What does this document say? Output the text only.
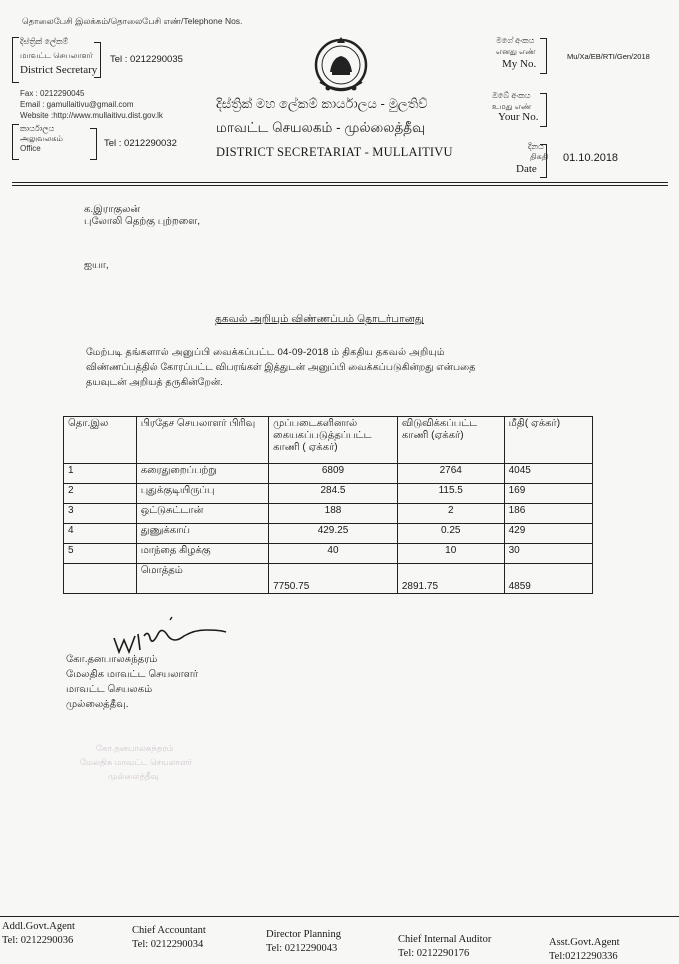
தொலைபேசி இலக்கம்/தொலைபேசி எண்/Telephone Nos.
දිස්ත්‍රික් ලේකම්
மாவட்ட செயலாளர்
District Secretary
Tel : 0212290035
Fax : 0212290045
Email : gamullaitivu@gmail.com
Website :http://www.mullaitivu.dist.gov.lk
කාර්යාලය
அலுவலகம்
Office	Tel : 0212290032
දිස්ත්‍රික් මහ ලේකම් කාර්යාලය - මුලතිව්
மாவட்ட செயலகம் - முல்லைத்தீவு
DISTRICT SECRETARIAT - MULLAITIVU
මගේ අංකය
எனது எண்
My No.
Mu/Xa/EB/RTI/Gen/2018
ඔබේ අංකය
உமது எண்
Your No.
දිනය
திகதி
Date
01.10.2018
க.இராகுலன்
புலோலி தெற்கு புற்றளை,
ஐயா,
தகவல் அறியும் விண்ணப்பம் தொடர்பானது
மேற்படி தங்களால் அனுப்பி வைக்கப்பட்ட 04-09-2018 ம் திகதிய தகவல் அறியும்
விண்ணப்பத்தில் கோரப்பட்ட விபரங்கள் இத்துடன் அனுப்பி வைக்கப்படுகின்றது என்பதை
தயவுடன் அறியத் தருகின்றேன்.
தொ.இல	பிரதேச செயலாளர் பிரிவு	முப்படைகளினால் கையகப்படுத்தப்பட்ட காணி ( ஏக்கர்)	விடுவிக்கப்பட்ட காணி (ஏக்கர்)	மீதி( ஏக்கர்)
1	கரைதுறைப்பற்று	6809	2764	4045
2	புதுக்குடியிருப்பு	284.5	115.5	169
3	ஒட்டுசுட்டான்	188	2	186
4	துணுக்காய்	429.25	0.25	429
5	மாந்தை கிழக்கு	40	10	30
	மொத்தம்	7750.75	2891.75	4859
கோ.தனபாலசுந்தரம்
மேலதிக மாவட்ட செயலாளர்
மாவட்ட செயலகம்
முல்லைத்தீவு.
கோ.தனபாலசுந்தரம்
மேலதிக மாவட்ட செயலாளர்
முல்லைத்தீவு
Addl.Govt.Agent
Tel: 0212290036
Chief Accountant
Tel: 0212290034
Director Planning
Tel: 0212290043
Chief Internal Auditor
Tel: 0212290176
Asst.Govt.Agent
Tel:0212290336
